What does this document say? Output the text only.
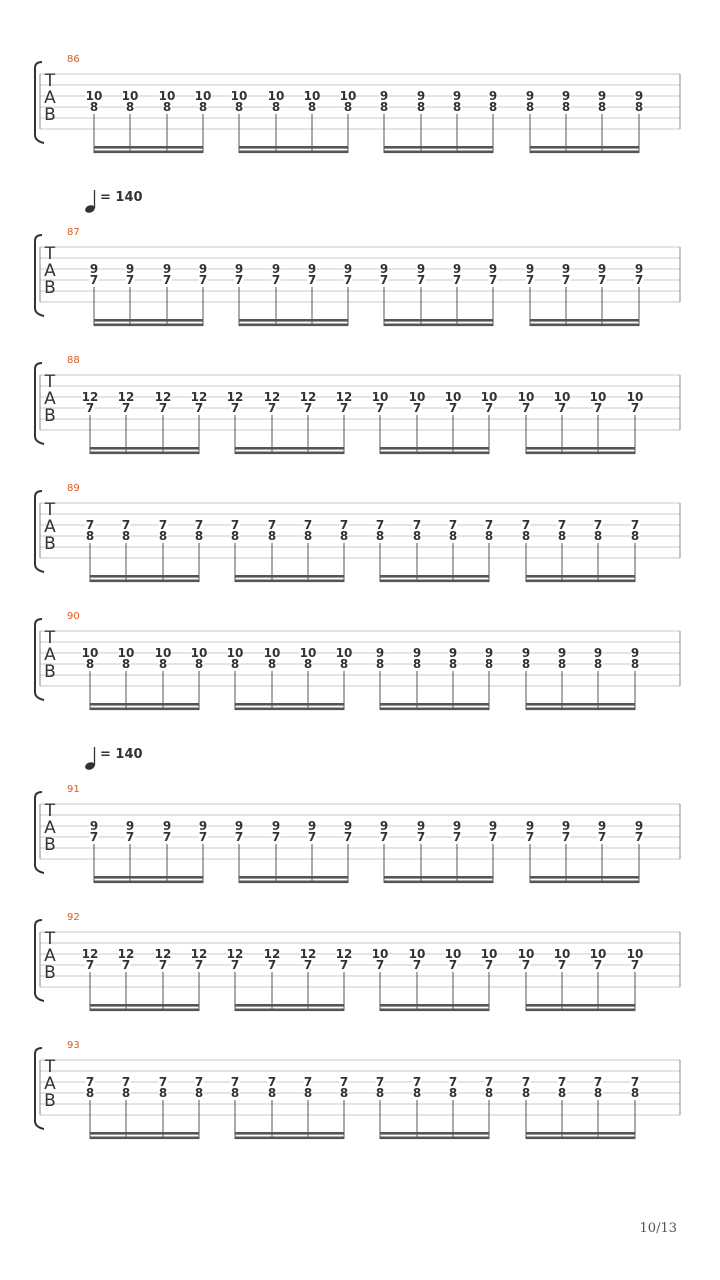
86
T
A
B
10
8
10
8
10
8
10
8
10
8
10
8
10
8
10
8
9
8
9
8
9
8
9
8
9
8
9
8
9
8
9
8
= 140
87
T
A
B
9
7
9
7
9
7
9
7
9
7
9
7
9
7
9
7
9
7
9
7
9
7
9
7
9
7
9
7
9
7
9
7
88
T
A
B
12
7
12
7
12
7
12
7
12
7
12
7
12
7
12
7
10
7
10
7
10
7
10
7
10
7
10
7
10
7
10
7
89
T
A
B
7
8
7
8
7
8
7
8
7
8
7
8
7
8
7
8
7
8
7
8
7
8
7
8
7
8
7
8
7
8
7
8
90
T
A
B
10
8
10
8
10
8
10
8
10
8
10
8
10
8
10
8
9
8
9
8
9
8
9
8
9
8
9
8
9
8
9
8
= 140
91
T
A
B
9
7
9
7
9
7
9
7
9
7
9
7
9
7
9
7
9
7
9
7
9
7
9
7
9
7
9
7
9
7
9
7
92
T
A
B
12
7
12
7
12
7
12
7
12
7
12
7
12
7
12
7
10
7
10
7
10
7
10
7
10
7
10
7
10
7
10
7
93
T
A
B
7
8
7
8
7
8
7
8
7
8
7
8
7
8
7
8
7
8
7
8
7
8
7
8
7
8
7
8
7
8
7
8
10/13
